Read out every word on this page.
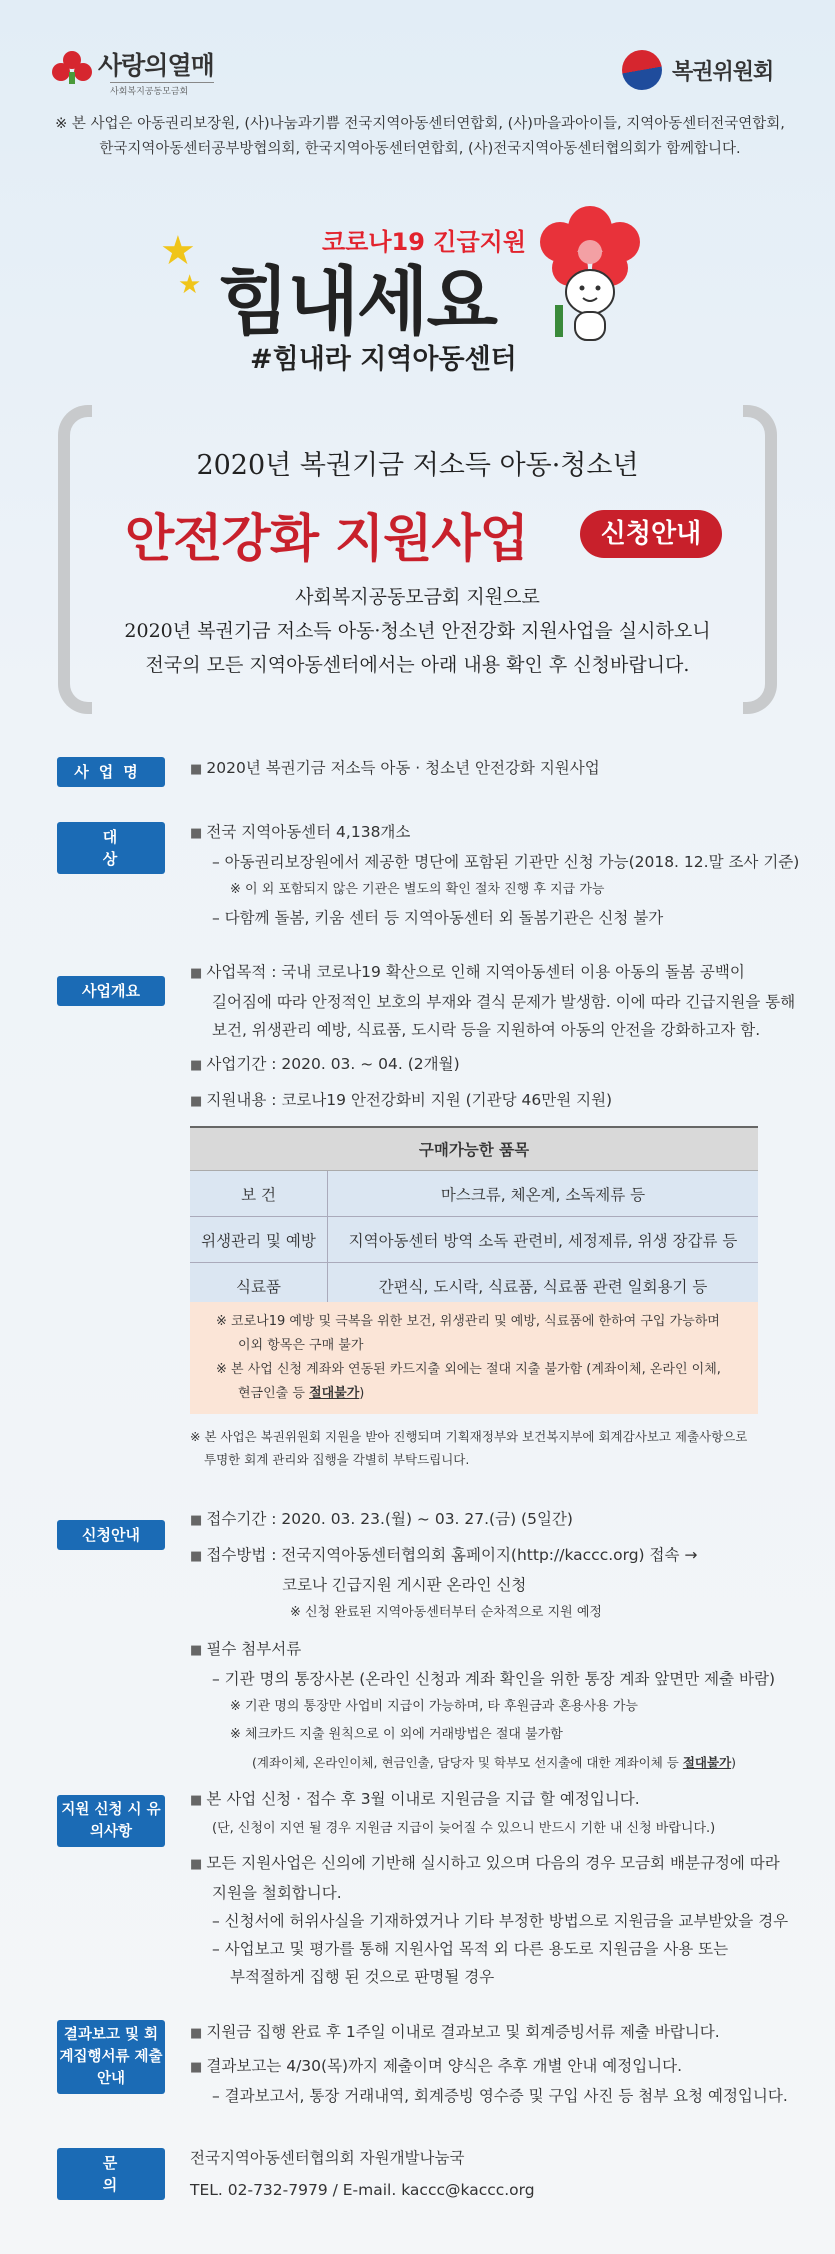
사랑의열매
사회복지공동모금회
복권위원회
※ 본 사업은 아동권리보장원, (사)나눔과기쁨 전국지역아동센터연합회, (사)마을과아이들, 지역아동센터전국연합회,
한국지역아동센터공부방협의회, 한국지역아동센터연합회, (사)전국지역아동센터협의회가 함께합니다.
★
★
코로나19 긴급지원
힘내세요
#힘내라 지역아동센터
2020년 복권기금 저소득 아동·청소년
안전강화 지원사업	신청안내
사회복지공동모금회 지원으로
2020년 복권기금 저소득 아동·청소년 안전강화 지원사업을 실시하오니
전국의 모든 지역아동센터에서는 아래 내용 확인 후 신청바랍니다.
사업명	■ 2020년 복권기금 저소득 아동 · 청소년 안전강화 지원사업
대상
■ 전국 지역아동센터 4,138개소
– 아동권리보장원에서 제공한 명단에 포함된 기관만 신청 가능(2018. 12.말 조사 기준)
※ 이 외 포함되지 않은 기관은 별도의 확인 절차 진행 후 지급 가능
– 다함께 돌봄, 키움 센터 등 지역아동센터 외 돌봄기관은 신청 불가
사업개요
■ 사업목적 : 국내 코로나19 확산으로 인해 지역아동센터 이용 아동의 돌봄 공백이
길어짐에 따라 안정적인 보호의 부재와 결식 문제가 발생함. 이에 따라 긴급지원을 통해
보건, 위생관리 예방, 식료품, 도시락 등을 지원하여 아동의 안전을 강화하고자 함.
■ 사업기간 : 2020. 03. ~ 04. (2개월)
■ 지원내용 : 코로나19 안전강화비 지원 (기관당 46만원 지원)
구매가능한 품목	
보 건	마스크류, 체온계, 소독제류 등
위생관리 및 예방	지역아동센터 방역 소독 관련비, 세정제류, 위생 장갑류 등
식료품	간편식, 도시락, 식료품, 식료품 관련 일회용기 등
※ 코로나19 예방 및 극복을 위한 보건, 위생관리 및 예방, 식료품에 한하여 구입 가능하며
이외 항목은 구매 불가
※ 본 사업 신청 계좌와 연동된 카드지출 외에는 절대 지출 불가함 (계좌이체, 온라인 이체,
현금인출 등 절대불가)
※ 본 사업은 복권위원회 지원을 받아 진행되며 기획재정부와 보건복지부에 회계감사보고 제출사항으로
투명한 회계 관리와 집행을 각별히 부탁드립니다.
신청안내
■ 접수기간 : 2020. 03. 23.(월) ~ 03. 27.(금) (5일간)
■ 접수방법 : 전국지역아동센터협의회 홈페이지(http://kaccc.org) 접속 →
코로나 긴급지원 게시판 온라인 신청
※ 신청 완료된 지역아동센터부터 순차적으로 지원 예정
■ 필수 첨부서류
– 기관 명의 통장사본 (온라인 신청과 계좌 확인을 위한 통장 계좌 앞면만 제출 바람)
※ 기관 명의 통장만 사업비 지급이 가능하며, 타 후원금과 혼용사용 가능
※ 체크카드 지출 원칙으로 이 외에 거래방법은 절대 불가함
(계좌이체, 온라인이체, 현금인출, 담당자 및 학부모 선지출에 대한 계좌이체 등 절대불가)
지원 신청 시 유의사항
■ 본 사업 신청 · 접수 후 3월 이내로 지원금을 지급 할 예정입니다.
(단, 신청이 지연 될 경우 지원금 지급이 늦어질 수 있으니 반드시 기한 내 신청 바랍니다.)
■ 모든 지원사업은 신의에 기반해 실시하고 있으며 다음의 경우 모금회 배분규정에 따라
지원을 철회합니다.
– 신청서에 허위사실을 기재하였거나 기타 부정한 방법으로 지원금을 교부받았을 경우
– 사업보고 및 평가를 통해 지원사업 목적 외 다른 용도로 지원금을 사용 또는
부적절하게 집행 된 것으로 판명될 경우
결과보고 및 회계집행서류 제출 안내
■ 지원금 집행 완료 후 1주일 이내로 결과보고 및 회계증빙서류 제출 바랍니다.
■ 결과보고는 4/30(목)까지 제출이며 양식은 추후 개별 안내 예정입니다.
– 결과보고서, 통장 거래내역, 회계증빙 영수증 및 구입 사진 등 첨부 요청 예정입니다.
문의
전국지역아동센터협의회 자원개발나눔국
TEL. 02-732-7979 / E-mail. kaccc@kaccc.org
